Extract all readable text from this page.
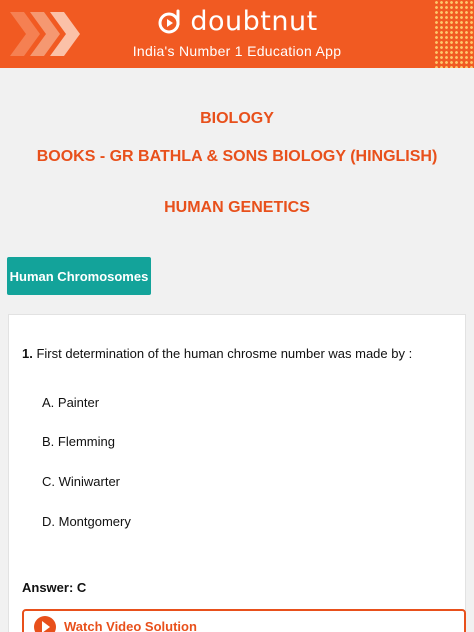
doubtnut
India's Number 1 Education App
BIOLOGY
BOOKS - GR BATHLA & SONS BIOLOGY (HINGLISH)
HUMAN GENETICS
Human Chromosomes
1. First determination of the human chrosme number was made by :
A. Painter
B. Flemming
C. Winiwarter
D. Montgomery
Answer: C
Watch Video Solution
